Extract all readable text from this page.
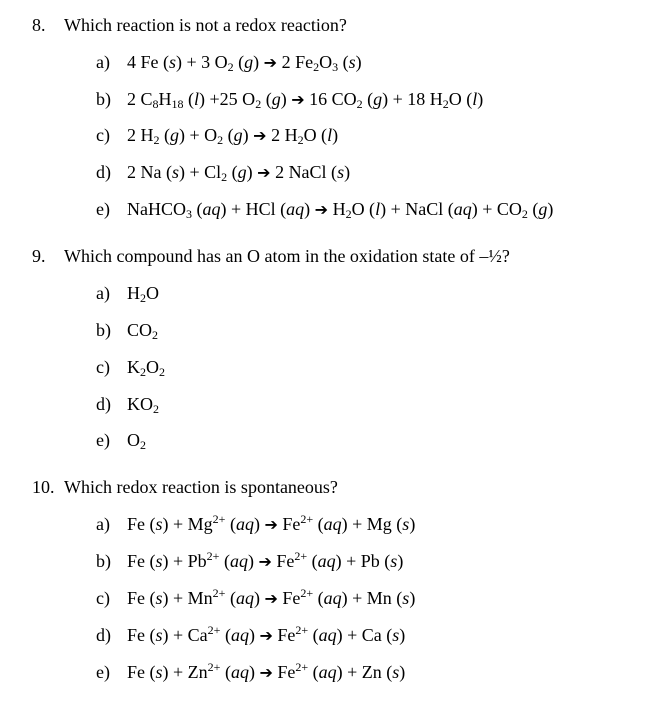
8. Which reaction is not a redox reaction?
a) 4 Fe (s) + 3 $O_2$ (g) ➔ 2 $Fe_2O_3$ (s)
b) 2 $C_8H_{18}$ (l) +25 $O_2$ (g) ➔ 16 $CO_2$ (g) + 18 $H_2O$ (l)
c) 2 $H_2$ $(g) + O_2$ (g) ➔ 2 $H_2O$ (l)
d) 2 Na $(s) + Cl_2$ (g) ➔ 2 NaCl (s)
e) NaHCO$_3$ (aq) + HCl (aq) ➔ $H_2O$ (l) + NaCl $(aq) + CO_2$ (g)
9. Which compound has an O atom in the oxidation state of –½?
a) $H_2O$
b) $CO_2$
c) $K_2O_2$
d) $KO_2$
e) $O_2$
10. Which redox reaction is spontaneous?
a) Fe $(s) + Mg^{2+}$ (aq) ➔ $Fe^{2+}$ (aq) + Mg (s)
b) Fe $(s) + Pb^{2+}$ (aq) ➔ $Fe^{2+}$ (aq) + Pb (s)
c) Fe $(s) + Mn^{2+}$ (aq) ➔ $Fe^{2+}$ (aq) + Mn (s)
d) Fe $(s) + Ca^{2+}$ (aq) ➔ $Fe^{2+}$ (aq) + Ca (s)
e) Fe $(s) + Zn^{2+}$ (aq) ➔ $Fe^{2+}$ (aq) + Zn (s)
